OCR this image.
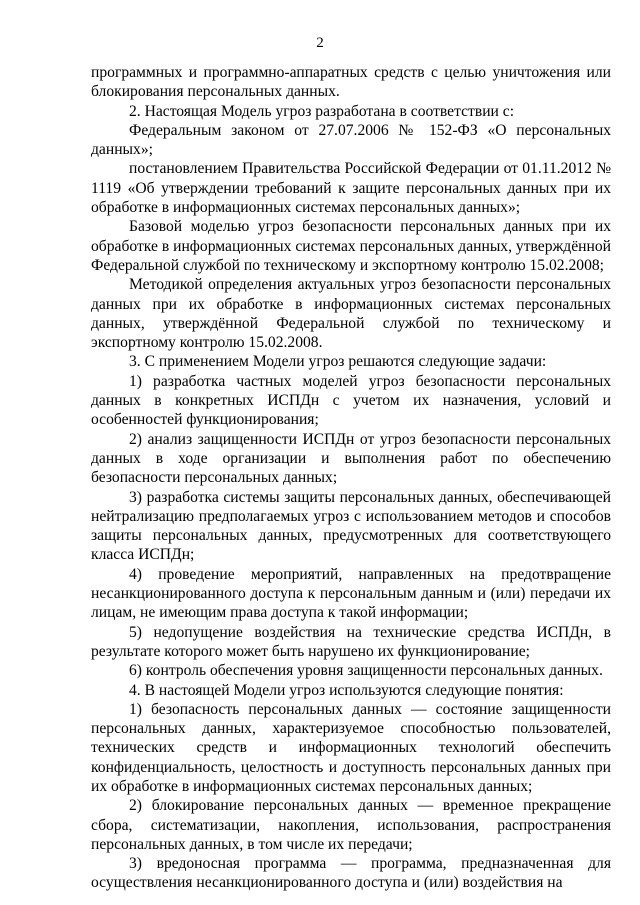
2

программных и программно-аппаратных средств с целью уничтожения или блокирования персональных данных.

2. Настоящая Модель угроз разработана в соответствии с:

Федеральным законом от 27.07.2006 № 152-ФЗ «О персональных данных»;

постановлением Правительства Российской Федерации от 01.11.2012 № 1119 «Об утверждении требований к защите персональных данных при их обработке в информационных системах персональных данных»;

Базовой моделью угроз безопасности персональных данных при их обработке в информационных системах персональных данных, утверждённой Федеральной службой по техническому и экспортному контролю 15.02.2008;

Методикой определения актуальных угроз безопасности персональных данных при их обработке в информационных системах персональных данных, утверждённой Федеральной службой по техническому и экспортному контролю 15.02.2008.

3. С применением Модели угроз решаются следующие задачи:

1) разработка частных моделей угроз безопасности персональных данных в конкретных ИСПДн с учетом их назначения, условий и особенностей функционирования;

2) анализ защищенности ИСПДн от угроз безопасности персональных данных в ходе организации и выполнения работ по обеспечению безопасности персональных данных;

3) разработка системы защиты персональных данных, обеспечивающей нейтрализацию предполагаемых угроз с использованием методов и способов защиты персональных данных, предусмотренных для соответствующего класса ИСПДн;

4) проведение мероприятий, направленных на предотвращение несанкционированного доступа к персональным данным и (или) передачи их лицам, не имеющим права доступа к такой информации;

5) недопущение воздействия на технические средства ИСПДн, в результате которого может быть нарушено их функционирование;

6) контроль обеспечения уровня защищенности персональных данных.

4. В настоящей Модели угроз используются следующие понятия:

1) безопасность персональных данных — состояние защищенности персональных данных, характеризуемое способностью пользователей, технических средств и информационных технологий обеспечить конфиденциальность, целостность и доступность персональных данных при их обработке в информационных системах персональных данных;

2) блокирование персональных данных — временное прекращение сбора, систематизации, накопления, использования, распространения персональных данных, в том числе их передачи;

3) вредоносная программа — программа, предназначенная для осуществления несанкционированного доступа и (или) воздействия на
